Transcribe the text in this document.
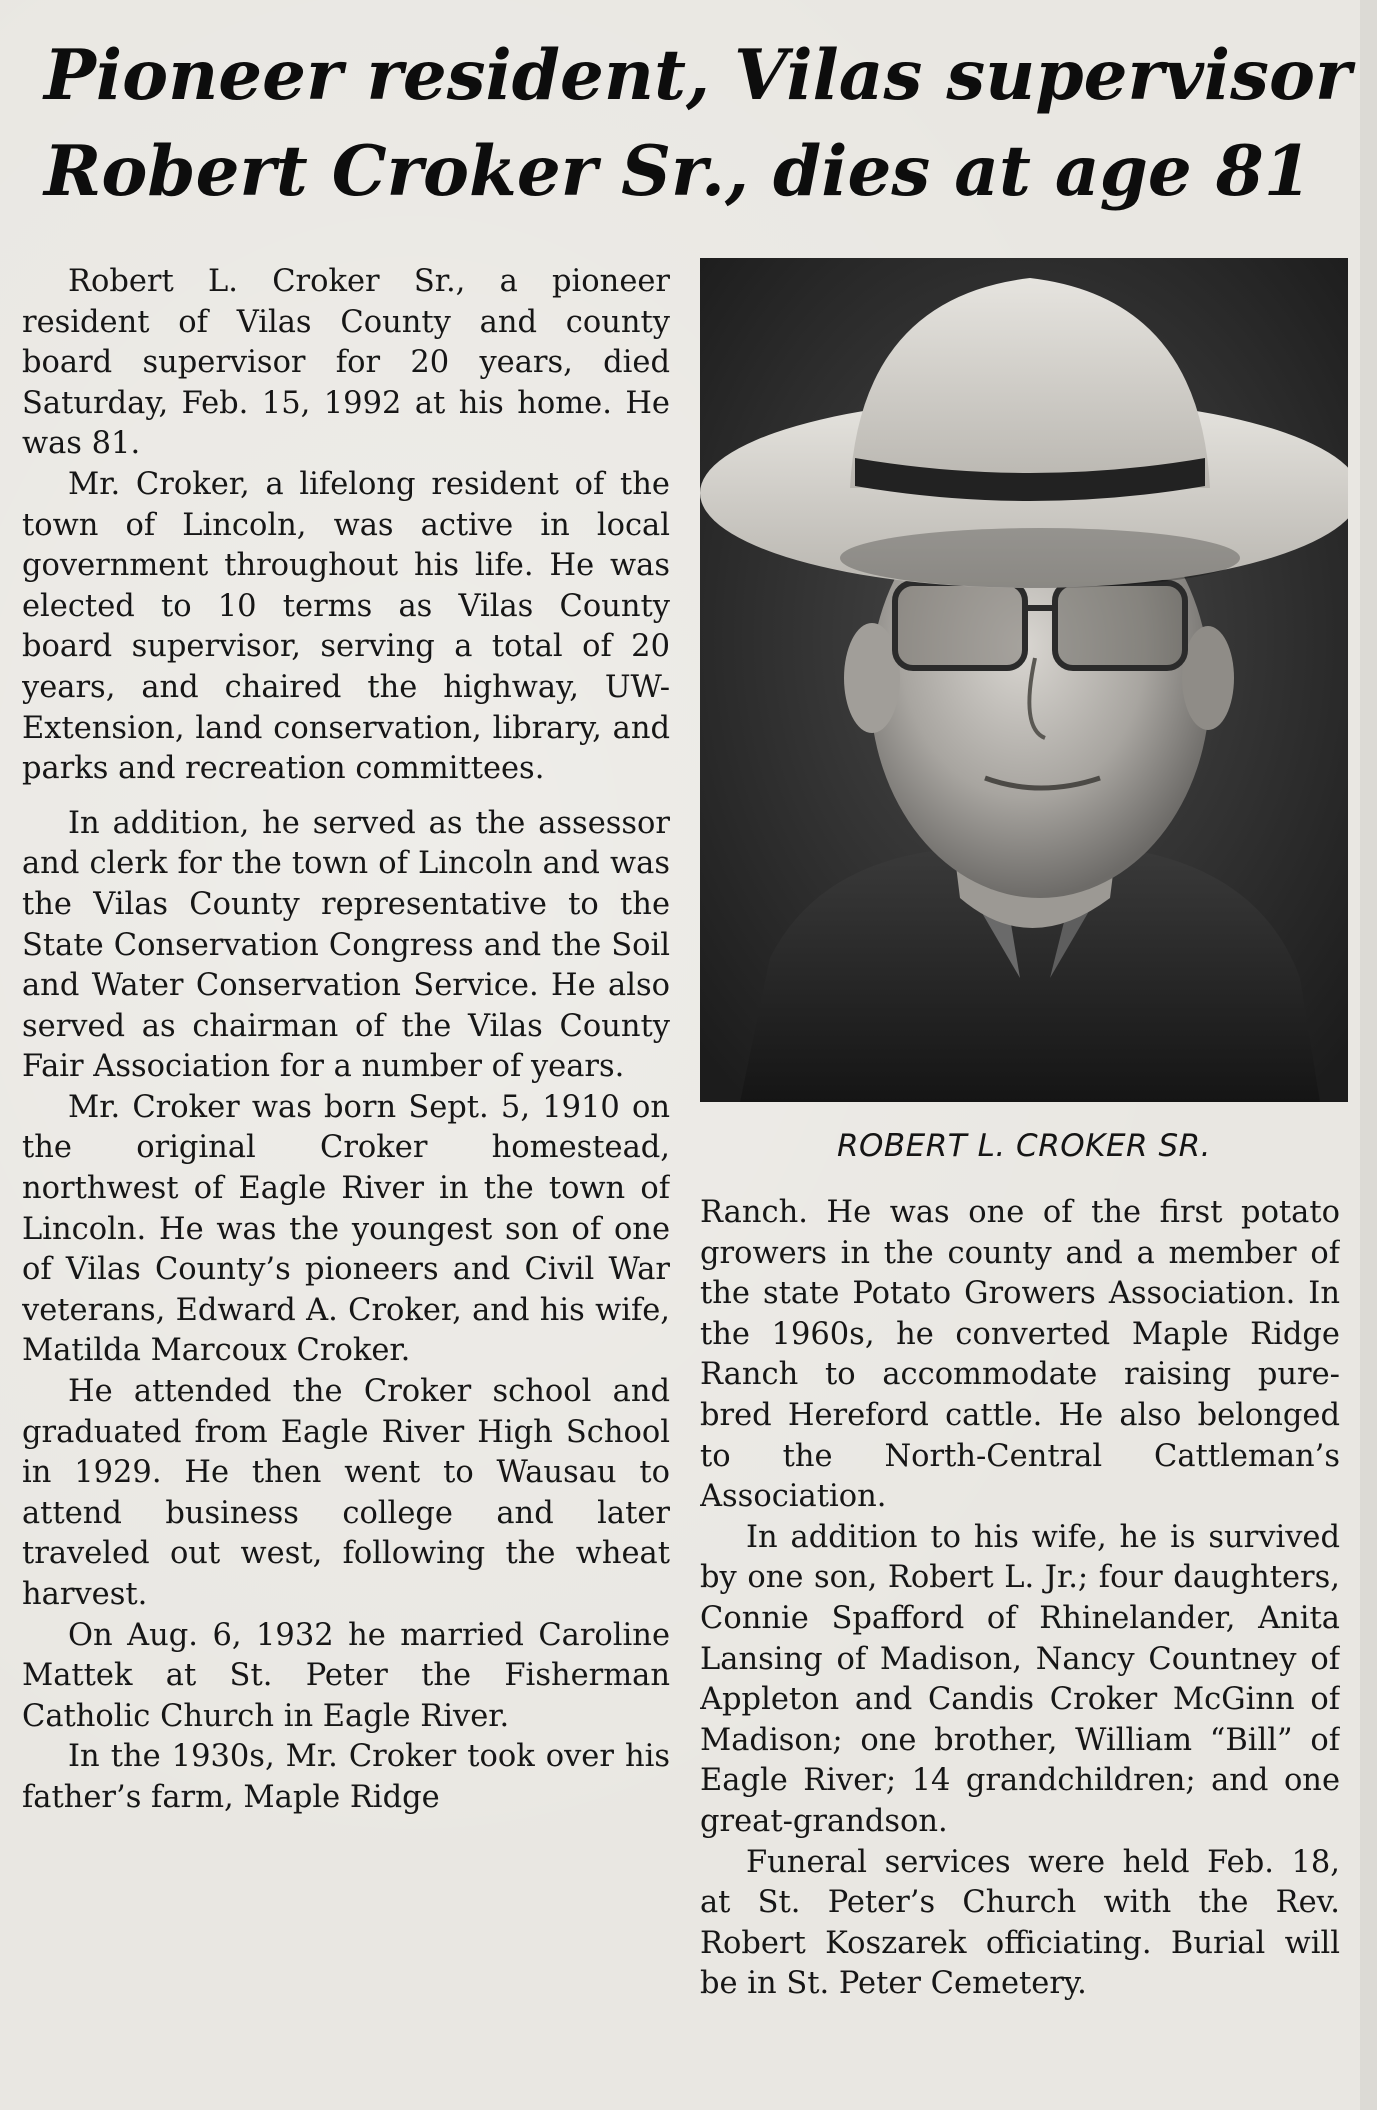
Pioneer resident, Vilas supervisor
Robert Croker Sr., dies at age 81

Robert L. Croker Sr., a pioneer resident of Vilas County and county board supervisor for 20 years, died Saturday, Feb. 15, 1992 at his home. He was 81.

Mr. Croker, a lifelong resident of the town of Lincoln, was active in local government throughout his life. He was elected to 10 terms as Vilas County board supervisor, serving a total of 20 years, and chaired the highway, UW-Extension, land conservation, library, and parks and recreation committees.

In addition, he served as the assessor and clerk for the town of Lincoln and was the Vilas County representative to the State Conservation Congress and the Soil and Water Conservation Service. He also served as chairman of the Vilas County Fair Association for a number of years.

Mr. Croker was born Sept. 5, 1910 on the original Croker homestead, northwest of Eagle River in the town of Lincoln. He was the youngest son of one of Vilas County’s pioneers and Civil War veterans, Edward A. Croker, and his wife, Matilda Marcoux Croker.

He attended the Croker school and graduated from Eagle River High School in 1929. He then went to Wausau to attend business college and later traveled out west, following the wheat harvest.

On Aug. 6, 1932 he married Caroline Mattek at St. Peter the Fisherman Catholic Church in Eagle River.

In the 1930s, Mr. Croker took over his father’s farm, Maple Ridge

ROBERT L. CROKER SR.

Ranch. He was one of the first potato growers in the county and a member of the state Potato Growers Association. In the 1960s, he converted Maple Ridge Ranch to accommodate raising pure-bred Hereford cattle. He also belonged to the North-Central Cattleman’s Association.

In addition to his wife, he is survived by one son, Robert L. Jr.; four daughters, Connie Spafford of Rhinelander, Anita Lansing of Madison, Nancy Countney of Appleton and Candis Croker McGinn of Madison; one brother, William “Bill” of Eagle River; 14 grandchildren; and one great-grandson.

Funeral services were held Feb. 18, at St. Peter’s Church with the Rev. Robert Koszarek officiating. Burial will be in St. Peter Cemetery.
